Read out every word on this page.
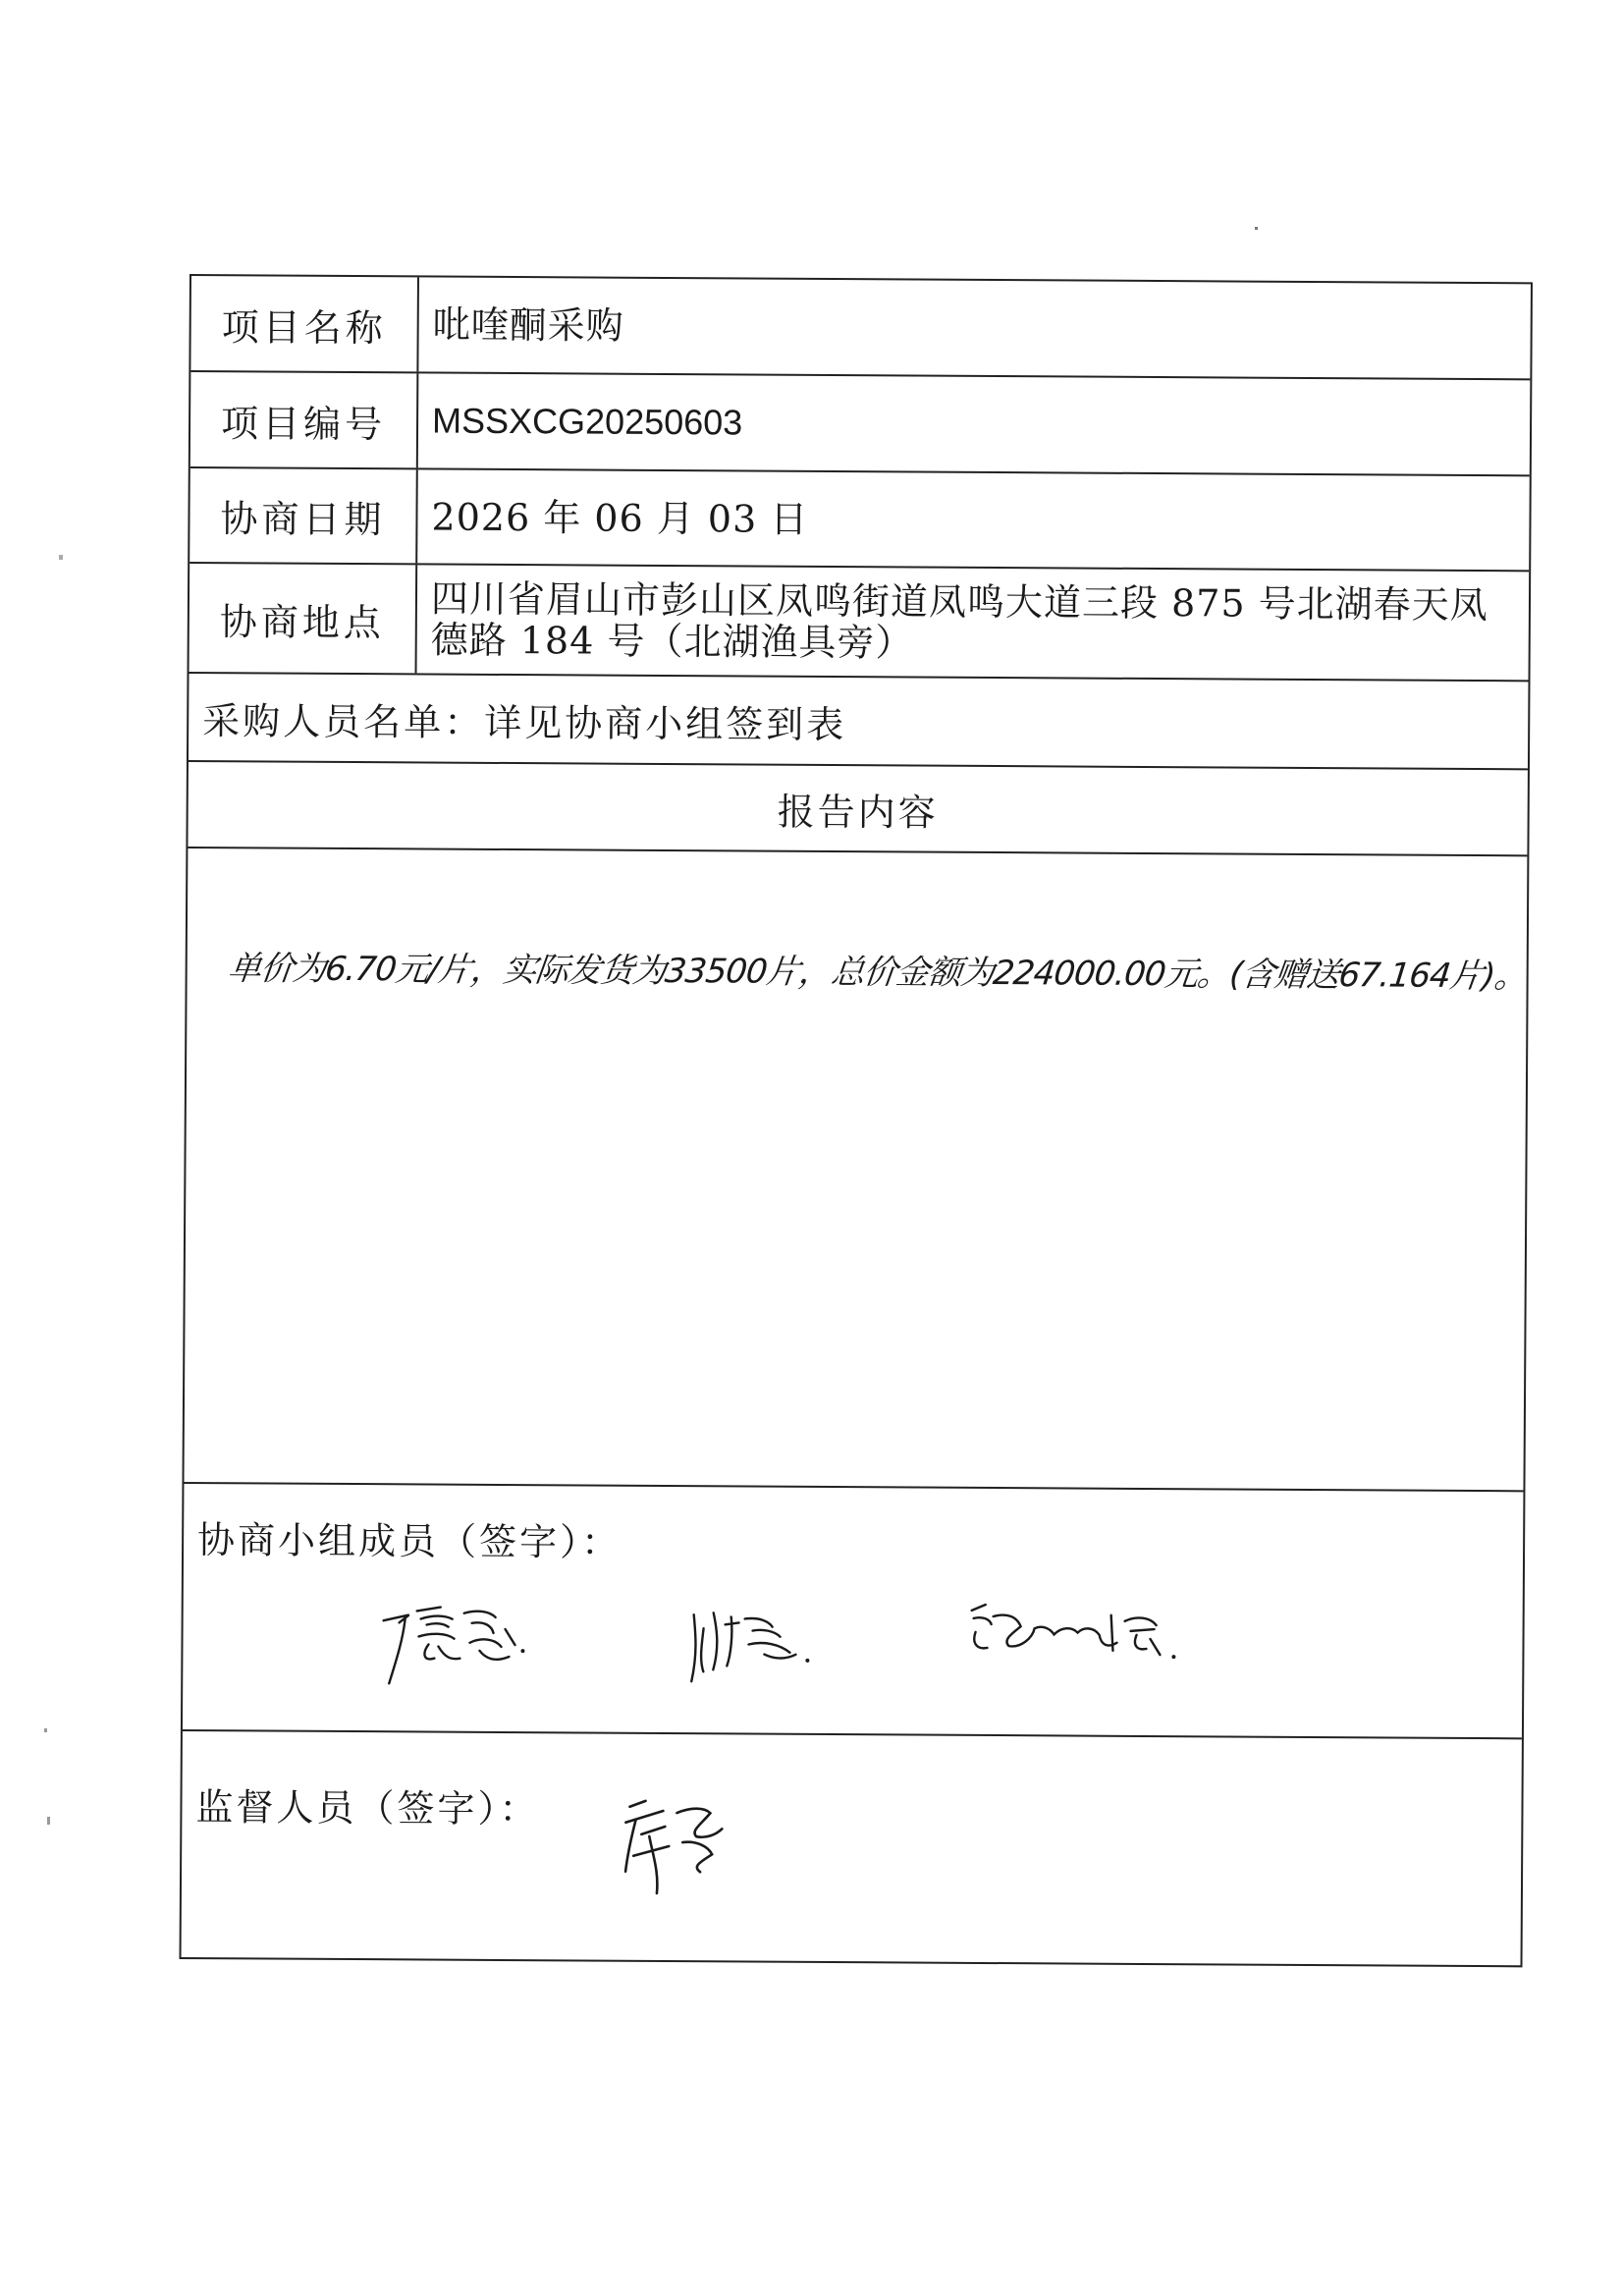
项目名称	吡喹酮采购
项目编号	MSSXCG20250603
协商日期	2026 年 06 月 03 日
协商地点	四川省眉山市彭山区凤鸣街道凤鸣大道三段 875 号北湖春天凤德路 184 号（北湖渔具旁）
采购人员名单：详见协商小组签到表
报告内容
单价为6.70元/片，实际发货为33500片，总价金额为224000.00元。(含赠送67.164片)。
协商小组成员（签字）：
监督人员（签字）：
